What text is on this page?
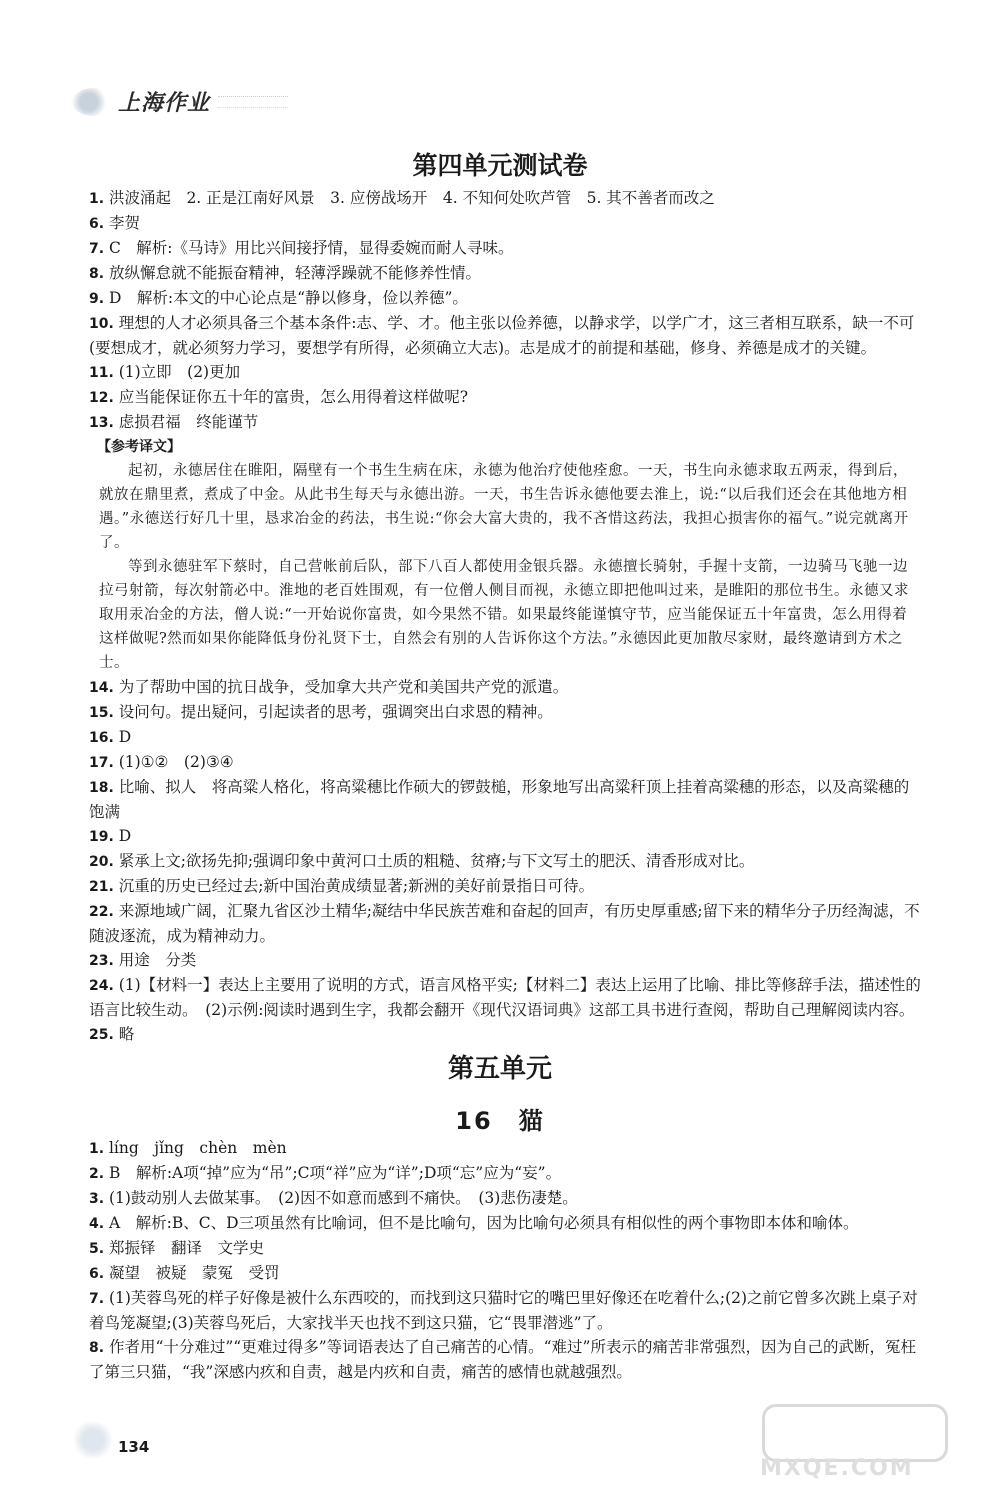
上海作业
第四单元测试卷

1. 洪波涌起　2. 正是江南好风景　3. 应傍战场开　4. 不知何处吹芦管　5. 其不善者而改之

6. 李贺

7. C　解析:《马诗》用比兴间接抒情，显得委婉而耐人寻味。

8. 放纵懈怠就不能振奋精神，轻薄浮躁就不能修养性情。

9. D　解析:本文的中心论点是“静以修身，俭以养德”。

10. 理想的人才必须具备三个基本条件:志、学、才。他主张以俭养德，以静求学，以学广才，这三者相互联系，缺一不可(要想成才，就必须努力学习，要想学有所得，必须确立大志)。志是成才的前提和基础，修身、养德是成才的关键。

11. (1)立即　(2)更加

12. 应当能保证你五十年的富贵，怎么用得着这样做呢?

13. 虑损君福　终能谨节

【参考译文】

起初，永德居住在睢阳，隔壁有一个书生生病在床，永德为他治疗使他痊愈。一天，书生向永德求取五两汞，得到后，就放在鼎里煮，煮成了中金。从此书生每天与永德出游。一天，书生告诉永德他要去淮上，说:“以后我们还会在其他地方相遇。”永德送行好几十里，恳求冶金的药法，书生说:“你会大富大贵的，我不吝惜这药法，我担心损害你的福气。”说完就离开了。

等到永德驻军下蔡时，自己营帐前后队，部下八百人都使用金银兵器。永德擅长骑射，手握十支箭，一边骑马飞驰一边拉弓射箭，每次射箭必中。淮地的老百姓围观，有一位僧人侧目而视，永德立即把他叫过来，是睢阳的那位书生。永德又求取用汞冶金的方法，僧人说:“一开始说你富贵，如今果然不错。如果最终能谨慎守节，应当能保证五十年富贵，怎么用得着这样做呢?然而如果你能降低身份礼贤下士，自然会有别的人告诉你这个方法。”永德因此更加散尽家财，最终邀请到方术之士。

14. 为了帮助中国的抗日战争，受加拿大共产党和美国共产党的派遣。

15. 设问句。提出疑问，引起读者的思考，强调突出白求恩的精神。

16. D

17. (1)①②　(2)③④

18. 比喻、拟人　将高粱人格化，将高粱穗比作硕大的锣鼓槌，形象地写出高粱秆顶上挂着高粱穗的形态，以及高粱穗的饱满

19. D

20. 紧承上文;欲扬先抑;强调印象中黄河口土质的粗糙、贫瘠;与下文写土的肥沃、清香形成对比。

21. 沉重的历史已经过去;新中国治黄成绩显著;新洲的美好前景指日可待。

22. 来源地域广阔，汇聚九省区沙土精华;凝结中华民族苦难和奋起的回声，有历史厚重感;留下来的精华分子历经淘滤，不随波逐流，成为精神动力。

23. 用途　分类

24. (1)【材料一】表达上主要用了说明的方式，语言风格平实;【材料二】表达上运用了比喻、排比等修辞手法，描述性的语言比较生动。　(2)示例:阅读时遇到生字，我都会翻开《现代汉语词典》这部工具书进行查阅，帮助自己理解阅读内容。

25. 略

第五单元
16　猫

1. líng　jǐng　chèn　mèn

2. B　解析:A项“掉”应为“吊”;C项“祥”应为“详”;D项“忘”应为“妄”。

3. (1)鼓动别人去做某事。　(2)因不如意而感到不痛快。　(3)悲伤凄楚。

4. A　解析:B、C、D三项虽然有比喻词，但不是比喻句，因为比喻句必须具有相似性的两个事物即本体和喻体。

5. 郑振铎　翻译　文学史

6. 凝望　被疑　蒙冤　受罚

7. (1)芙蓉鸟死的样子好像是被什么东西咬的，而找到这只猫时它的嘴巴里好像还在吃着什么;(2)之前它曾多次跳上桌子对着鸟笼凝望;(3)芙蓉鸟死后，大家找半天也找不到这只猫，它“畏罪潜逃”了。

8. 作者用“十分难过”“更难过得多”等词语表达了自己痛苦的心情。“难过”所表示的痛苦非常强烈，因为自己的武断，冤枉了第三只猫，“我”深感内疚和自责，越是内疚和自责，痛苦的感情也就越强烈。

134
MXQE.COM
